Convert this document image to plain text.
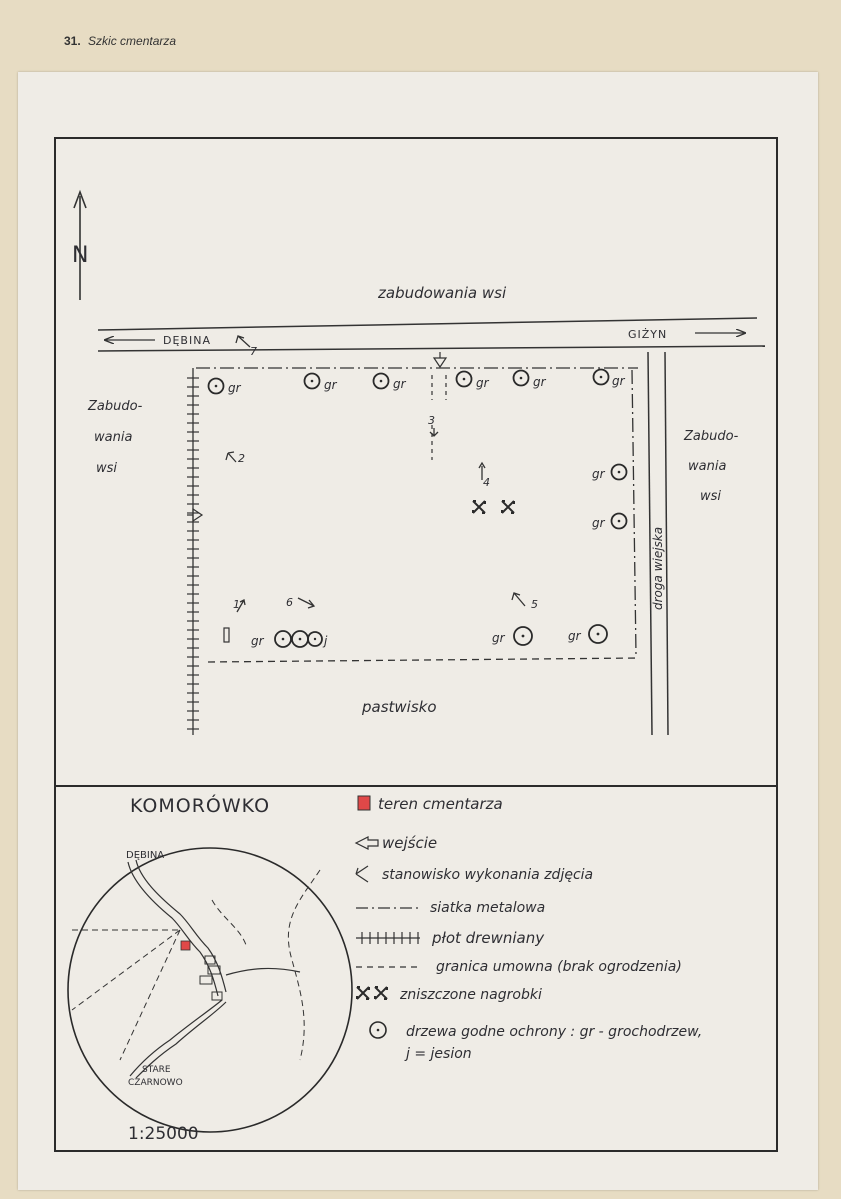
31. Szkic cmentarza
N
DĘBINA	GIŻYN
droga wiejska
zabudowania wsi
Zabudo-
wania
wsi
Zabudo-
wania
wsi
pastwisko
gr	gr	gr	gr	gr	gr
gr
gr
gr	gr
gr	j
1
2
3
4
5
6
7
KOMORÓWKO
DĘBINA
STARE
CZARNOWO
1:25000
teren cmentarza
wejście
stanowisko wykonania zdjęcia
siatka metalowa
płot drewniany
granica umowna (brak ogrodzenia)
zniszczone nagrobki
drzewa godne ochrony : gr - grochodrzew,
j = jesion
